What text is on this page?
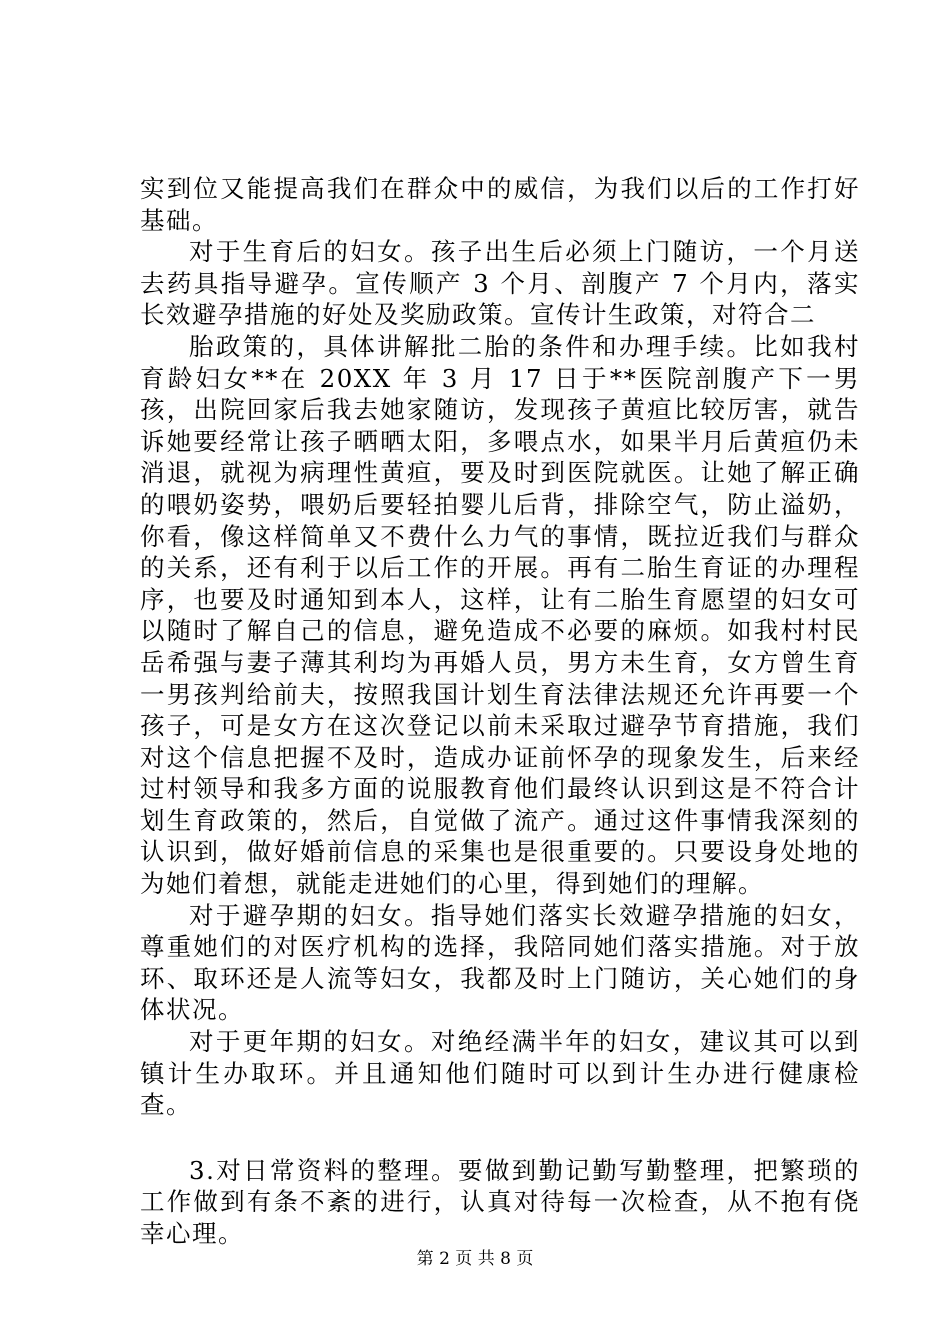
实到位又能提高我们在群众中的威信，为我们以后的工作打好基础。

对于生育后的妇女。孩子出生后必须上门随访，一个月送去药具指导避孕。宣传顺产 3 个月、剖腹产 7 个月内，落实长效避孕措施的好处及奖励政策。宣传计生政策，对符合二

胎政策的，具体讲解批二胎的条件和办理手续。比如我村育龄妇女**在 20XX 年 3 月 17 日于**医院剖腹产下一男孩，出院回家后我去她家随访，发现孩子黄疸比较厉害，就告诉她要经常让孩子晒晒太阳，多喂点水，如果半月后黄疸仍未消退，就视为病理性黄疸，要及时到医院就医。让她了解正确的喂奶姿势，喂奶后要轻拍婴儿后背，排除空气，防止溢奶，你看，像这样简单又不费什么力气的事情，既拉近我们与群众的关系，还有利于以后工作的开展。再有二胎生育证的办理程序，也要及时通知到本人，这样，让有二胎生育愿望的妇女可以随时了解自己的信息，避免造成不必要的麻烦。如我村村民岳希强与妻子薄其利均为再婚人员，男方未生育，女方曾生育一男孩判给前夫，按照我国计划生育法律法规还允许再要一个孩子，可是女方在这次登记以前未采取过避孕节育措施，我们对这个信息把握不及时，造成办证前怀孕的现象发生，后来经过村领导和我多方面的说服教育他们最终认识到这是不符合计划生育政策的，然后，自觉做了流产。通过这件事情我深刻的认识到，做好婚前信息的采集也是很重要的。只要设身处地的为她们着想，就能走进她们的心里，得到她们的理解。

对于避孕期的妇女。指导她们落实长效避孕措施的妇女，尊重她们的对医疗机构的选择，我陪同她们落实措施。对于放环、取环还是人流等妇女，我都及时上门随访，关心她们的身体状况。

对于更年期的妇女。对绝经满半年的妇女，建议其可以到镇计生办取环。并且通知他们随时可以到计生办进行健康检查。

3.对日常资料的整理。要做到勤记勤写勤整理，把繁琐的工作做到有条不紊的进行，认真对待每一次检查，从不抱有侥幸心理。

第 2 页 共 8 页
